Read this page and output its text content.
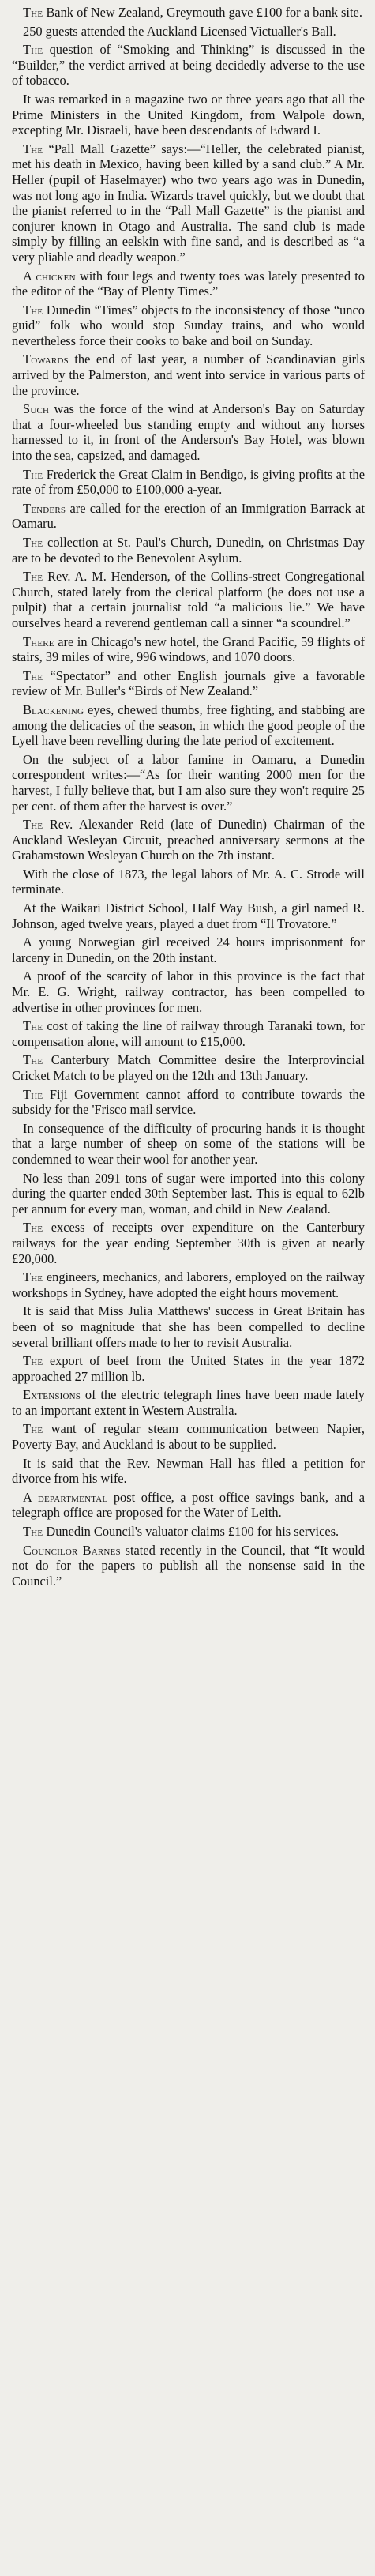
The Bank of New Zealand, Greymouth gave £100 for a bank site.

250 guests attended the Auckland Licensed Victualler's Ball.

The question of “Smoking and Thinking” is discussed in the “Builder,” the verdict arrived at being decidedly adverse to the use of tobacco.

It was remarked in a magazine two or three years ago that all the Prime Ministers in the United Kingdom, from Walpole down, excepting Mr. Disraeli, have been descendants of Edward I.

The “Pall Mall Gazette” says:—“Heller, the celebrated pianist, met his death in Mexico, having been killed by a sand club.” A Mr. Heller (pupil of Haselmayer) who two years ago was in Dunedin, was not long ago in India. Wizards travel quickly, but we doubt that the pianist referred to in the “Pall Mall Gazette” is the pianist and conjurer known in Otago and Australia. The sand club is made simply by filling an eelskin with fine sand, and is described as “a very pliable and deadly weapon.”

A chicken with four legs and twenty toes was lately presented to the editor of the “Bay of Plenty Times.”

The Dunedin “Times” objects to the inconsistency of those “unco guid” folk who would stop Sunday trains, and who would nevertheless force their cooks to bake and boil on Sunday.

Towards the end of last year, a number of Scandinavian girls arrived by the Palmerston, and went into service in various parts of the province.

Such was the force of the wind at Anderson's Bay on Saturday that a four-wheeled bus standing empty and without any horses harnessed to it, in front of the Anderson's Bay Hotel, was blown into the sea, capsized, and damaged.

The Frederick the Great Claim in Bendigo, is giving profits at the rate of from £50,000 to £100,000 a-year.

Tenders are called for the erection of an Immigration Barrack at Oamaru.

The collection at St. Paul's Church, Dunedin, on Christmas Day are to be devoted to the Benevolent Asylum.

The Rev. A. M. Henderson, of the Collins-street Congregational Church, stated lately from the clerical platform (he does not use a pulpit) that a certain journalist told “a malicious lie.” We have ourselves heard a reverend gentleman call a sinner “a scoundrel.”

There are in Chicago's new hotel, the Grand Pacific, 59 flights of stairs, 39 miles of wire, 996 windows, and 1070 doors.

The “Spectator” and other English journals give a favorable review of Mr. Buller's “Birds of New Zealand.”

Blackening eyes, chewed thumbs, free fighting, and stabbing are among the delicacies of the season, in which the good people of the Lyell have been revelling during the late period of excitement.

On the subject of a labor famine in Oamaru, a Dunedin correspondent writes:—“As for their wanting 2000 men for the harvest, I fully believe that, but I am also sure they won't require 25 per cent. of them after the harvest is over.”

The Rev. Alexander Reid (late of Dunedin) Chairman of the Auckland Wesleyan Circuit, preached anniversary sermons at the Grahamstown Wesleyan Church on the 7th instant.

With the close of 1873, the legal labors of Mr. A. C. Strode will terminate.

At the Waikari District School, Half Way Bush, a girl named R. Johnson, aged twelve years, played a duet from “Il Trovatore.”

A young Norwegian girl received 24 hours imprisonment for larceny in Dunedin, on the 20th instant.

A proof of the scarcity of labor in this province is the fact that Mr. E. G. Wright, railway contractor, has been compelled to advertise in other provinces for men.

The cost of taking the line of railway through Taranaki town, for compensation alone, will amount to £15,000.

The Canterbury Match Committee desire the Interprovincial Cricket Match to be played on the 12th and 13th January.

The Fiji Government cannot afford to contribute towards the subsidy for the 'Frisco mail service.

In consequence of the difficulty of procuring hands it is thought that a large number of sheep on some of the stations will be condemned to wear their wool for another year.

No less than 2091 tons of sugar were imported into this colony during the quarter ended 30th September last. This is equal to 62lb per annum for every man, woman, and child in New Zealand.

The excess of receipts over expenditure on the Canterbury railways for the year ending September 30th is given at nearly £20,000.

The engineers, mechanics, and laborers, employed on the railway workshops in Sydney, have adopted the eight hours movement.

It is said that Miss Julia Matthews' success in Great Britain has been of so magnitude that she has been compelled to decline several brilliant offers made to her to revisit Australia.

The export of beef from the United States in the year 1872 approached 27 million lb.

Extensions of the electric telegraph lines have been made lately to an important extent in Western Australia.

The want of regular steam communication between Napier, Poverty Bay, and Auckland is about to be supplied.

It is said that the Rev. Newman Hall has filed a petition for divorce from his wife.

A departmental post office, a post office savings bank, and a telegraph office are proposed for the Water of Leith.

The Dunedin Council's valuator claims £100 for his services.

Councilor Barnes stated recently in the Council, that “It would not do for the papers to publish all the nonsense said in the Council.”
